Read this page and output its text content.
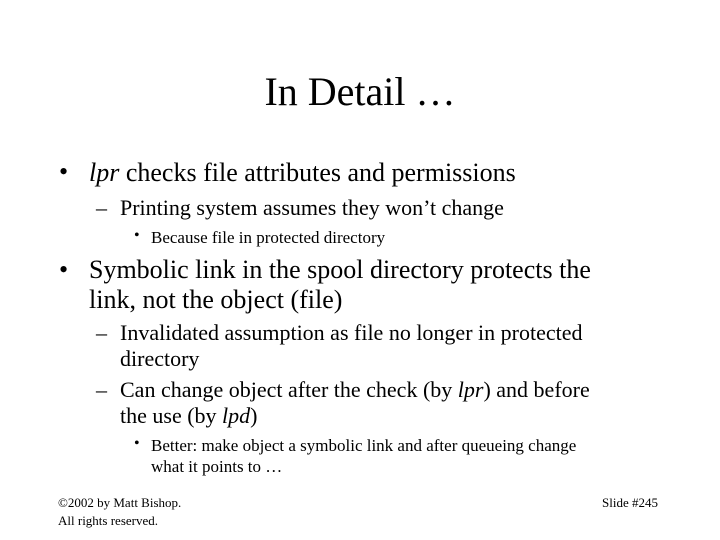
In Detail …
• lpr checks file attributes and permissions
– Printing system assumes they won’t change
• Because file in protected directory
• Symbolic link in the spool directory protects the
link, not the object (file)
– Invalidated assumption as file no longer in protected
directory
– Can change object after the check (by lpr) and before
the use (by lpd)
• Better: make object a symbolic link and after queueing change
what it points to …
©2002 by Matt Bishop.
All rights reserved.
Slide #245
